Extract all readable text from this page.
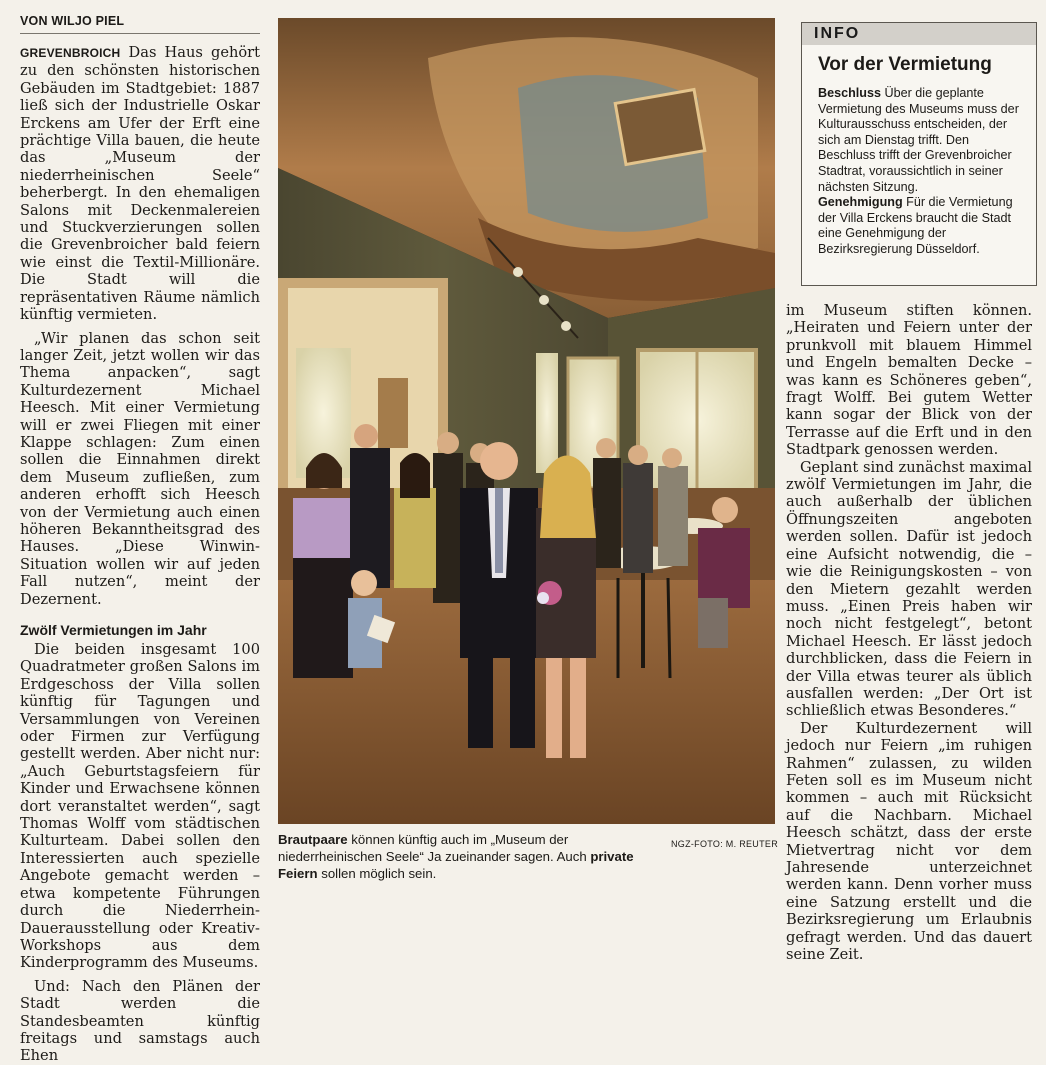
VON WILJO PIEL

GREVENBROICH Das Haus gehört zu den schönsten historischen Gebäuden im Stadtgebiet: 1887 ließ sich der Industrielle Oskar Erckens am Ufer der Erft eine prächtige Villa bauen, die heute das „Museum der niederrheinischen Seele“ beherbergt. In den ehemaligen Salons mit Deckenmalereien und Stuckverzierungen sollen die Grevenbroicher bald feiern wie einst die Textil-Millionäre. Die Stadt will die repräsentativen Räume nämlich künftig vermieten.

„Wir planen das schon seit langer Zeit, jetzt wollen wir das Thema anpacken“, sagt Kulturdezernent Michael Heesch. Mit einer Vermietung will er zwei Fliegen mit einer Klappe schlagen: Zum einen sollen die Einnahmen direkt dem Museum zufließen, zum anderen erhofft sich Heesch von der Vermietung auch einen höheren Bekanntheitsgrad des Hauses. „Diese Winwin-Situation wollen wir auf jeden Fall nutzen“, meint der Dezernent.

Zwölf Vermietungen im Jahr

Die beiden insgesamt 100 Quadratmeter großen Salons im Erdgeschoss der Villa sollen künftig für Tagungen und Versammlungen von Vereinen oder Firmen zur Verfügung gestellt werden. Aber nicht nur: „Auch Geburtstagsfeiern für Kinder und Erwachsene können dort veranstaltet werden“, sagt Thomas Wolff vom städtischen Kulturteam. Dabei sollen den Interessierten auch spezielle Angebote gemacht werden – etwa kompetente Führungen durch die Niederrhein-Dauerausstellung oder Kreativ-Workshops aus dem Kinderprogramm des Museums.

Und: Nach den Plänen der Stadt werden die Standesbeamten künftig freitags und samstags auch Ehen

NGZ-FOTO: M. REUTER
Brautpaare können künftig auch im „Museum der niederrheinischen Seele“ Ja zueinander sagen. Auch private Feiern sollen möglich sein.
INFO
Vor der Vermietung

Beschluss Über die geplante Vermietung des Museums muss der Kulturausschuss entscheiden, der sich am Dienstag trifft. Den Beschluss trifft der Grevenbroicher Stadtrat, voraussichtlich in seiner nächsten Sitzung.

Genehmigung Für die Vermietung der Villa Erckens braucht die Stadt eine Genehmigung der Bezirksregierung Düsseldorf.

im Museum stiften können. „Heiraten und Feiern unter der prunkvoll mit blauem Himmel und Engeln bemalten Decke – was kann es Schöneres geben“, fragt Wolff. Bei gutem Wetter kann sogar der Blick von der Terrasse auf die Erft und in den Stadtpark genossen werden.

Geplant sind zunächst maximal zwölf Vermietungen im Jahr, die auch außerhalb der üblichen Öffnungszeiten angeboten werden sollen. Dafür ist jedoch eine Aufsicht notwendig, die – wie die Reinigungskosten – von den Mietern gezahlt werden muss. „Einen Preis haben wir noch nicht festgelegt“, betont Michael Heesch. Er lässt jedoch durchblicken, dass die Feiern in der Villa etwas teurer als üblich ausfallen werden: „Der Ort ist schließlich etwas Besonderes.“

Der Kulturdezernent will jedoch nur Feiern „im ruhigen Rahmen“ zulassen, zu wilden Feten soll es im Museum nicht kommen – auch mit Rücksicht auf die Nachbarn. Michael Heesch schätzt, dass der erste Mietvertrag nicht vor dem Jahresende unterzeichnet werden kann. Denn vorher muss eine Satzung erstellt und die Bezirksregierung um Erlaubnis gefragt werden. Und das dauert seine Zeit.
